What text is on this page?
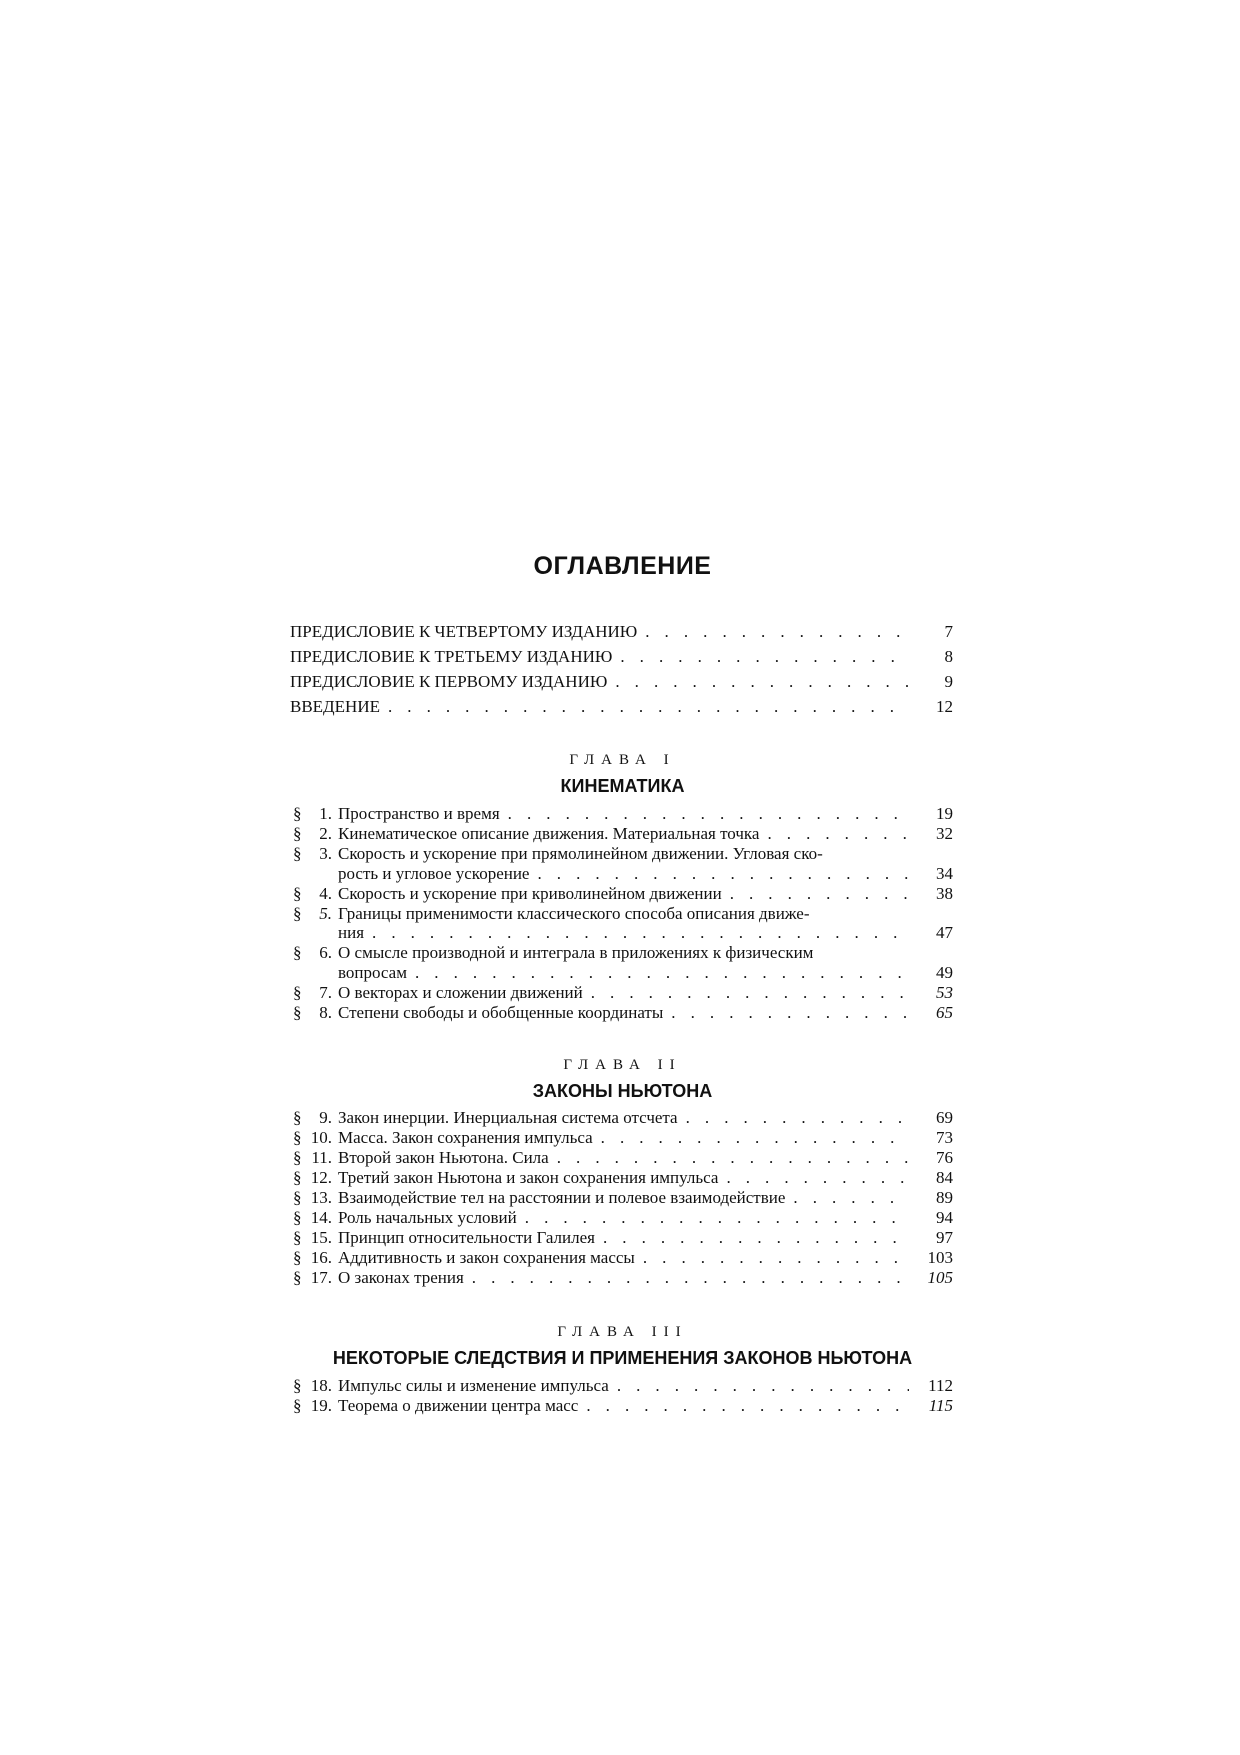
ОГЛАВЛЕНИЕ
ПРЕДИСЛОВИЕ К ЧЕТВЕРТОМУ ИЗДАНИЮ . . .	7
ПРЕДИСЛОВИЕ К ТРЕТЬЕМУ ИЗДАНИЮ . . .	8
ПРЕДИСЛОВИЕ К ПЕРВОМУ ИЗДАНИЮ . . .	9
ВВЕДЕНИЕ . . .	12
ГЛАВА I
КИНЕМАТИКА
§ 1. Пространство и время . . .	19
§ 2. Кинематическое описание движения. Материальная точка . . .	32
§ 3. Скорость и ускорение при прямолинейном движении. Угловая ско-
рость и угловое ускорение . . .	34
§ 4. Скорость и ускорение при криволинейном движении . . .	38
§ 5. Границы применимости классического способа описания движе-
ния . . .	47
§ 6. О смысле производной и интеграла в приложениях к физическим
вопросам . . .	49
§ 7. О векторах и сложении движений . . .	53
§ 8. Степени свободы и обобщенные координаты . . .	65
ГЛАВА II
ЗАКОНЫ НЬЮТОНА
§ 9. Закон инерции. Инерциальная система отсчета . . .	69
§ 10. Масса. Закон сохранения импульса . . .	73
§ 11. Второй закон Ньютона. Сила . . .	76
§ 12. Третий закон Ньютона и закон сохранения импульса . . .	84
§ 13. Взаимодействие тел на расстоянии и полевое взаимодействие . . .	89
§ 14. Роль начальных условий . . .	94
§ 15. Принцип относительности Галилея . . .	97
§ 16. Аддитивность и закон сохранения массы . . .	103
§ 17. О законах трения . . .	105
ГЛАВА III
НЕКОТОРЫЕ СЛЕДСТВИЯ И ПРИМЕНЕНИЯ ЗАКОНОВ НЬЮТОНА
§ 18. Импульс силы и изменение импульса . . .	112
§ 19. Теорема о движении центра масс . . .	115
